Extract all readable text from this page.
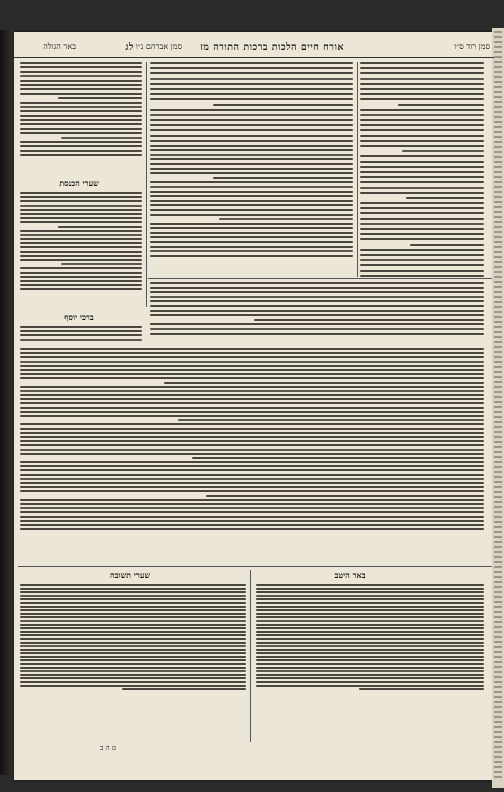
סמן רוד ס״ו
אורח חיים הלכות ברכות התורה מז
סמן אברהם נ״ו
לג
באר הגולה
שערי הכנסת
ברכי יוסף
באר היטב
שערי תשובה
ט ה ב
